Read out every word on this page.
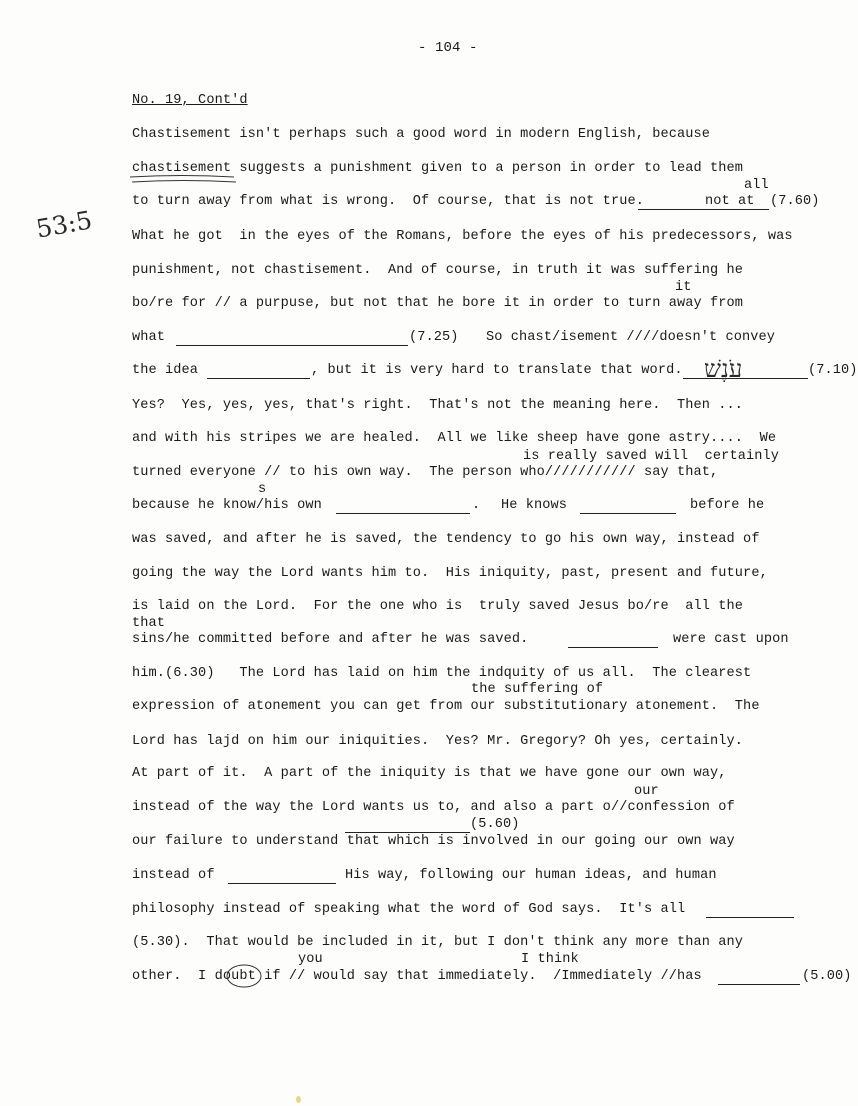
- 104 -
No. 19, Cont'd
53:5
Chastisement isn't perhaps such a good word in modern English, because
chastisement suggests a punishment given to a person in order to lead them
all
to turn away from what is wrong.  Of course, that is not true.	not at (7.60)
What he got  in the eyes of the Romans, before the eyes of his predecessors, was
punishment, not chastisement.  And of course, in truth it was suffering he
it
bo/re for // a purpuse, but not that he bore it in order to turn away from
what	(7.25) So chast/isement ////doesn't convey
the idea	, but it is very hard to translate that word. עֹנֶשׁ	(7.10)
Yes?  Yes, yes, yes, that's right.  That's not the meaning here.  Then ...
and with his stripes we are healed.  All we like sheep have gone astry....  We
is really saved will  certainly
turned everyone // to his own way.  The person who/////////// say that,
s
because he know/his own	. He knows	before he
was saved, and after he is saved, the tendency to go his own way, instead of
going the way the Lord wants him to.  His iniquity, past, present and future,
is laid on the Lord.  For the one who is  truly saved Jesus bo/re  all the
that
sins/he committed before and after he was saved.	were cast upon
him.(6.30)   The Lord has laid on him the indquity of us all.  The clearest
the suffering of
expression of atonement you can get from our substitutionary atonement.  The
Lord has lajd on him our iniquities.  Yes? Mr. Gregory? Oh yes, certainly.
At part of it.  A part of the iniquity is that we have gone our own way,
our
instead of the way the Lord wants us to, and also a part o//confession of
(5.60)
our failure to understand that which is involved in our going our own way
instead of	His way, following our human ideas, and human
philosophy instead of speaking what the word of God says.  It's all
(5.30).  That would be included in it, but I don't think any more than any
you	I think
other.  I doubt if // would say that immediately.  /Immediately //has	(5.00)
